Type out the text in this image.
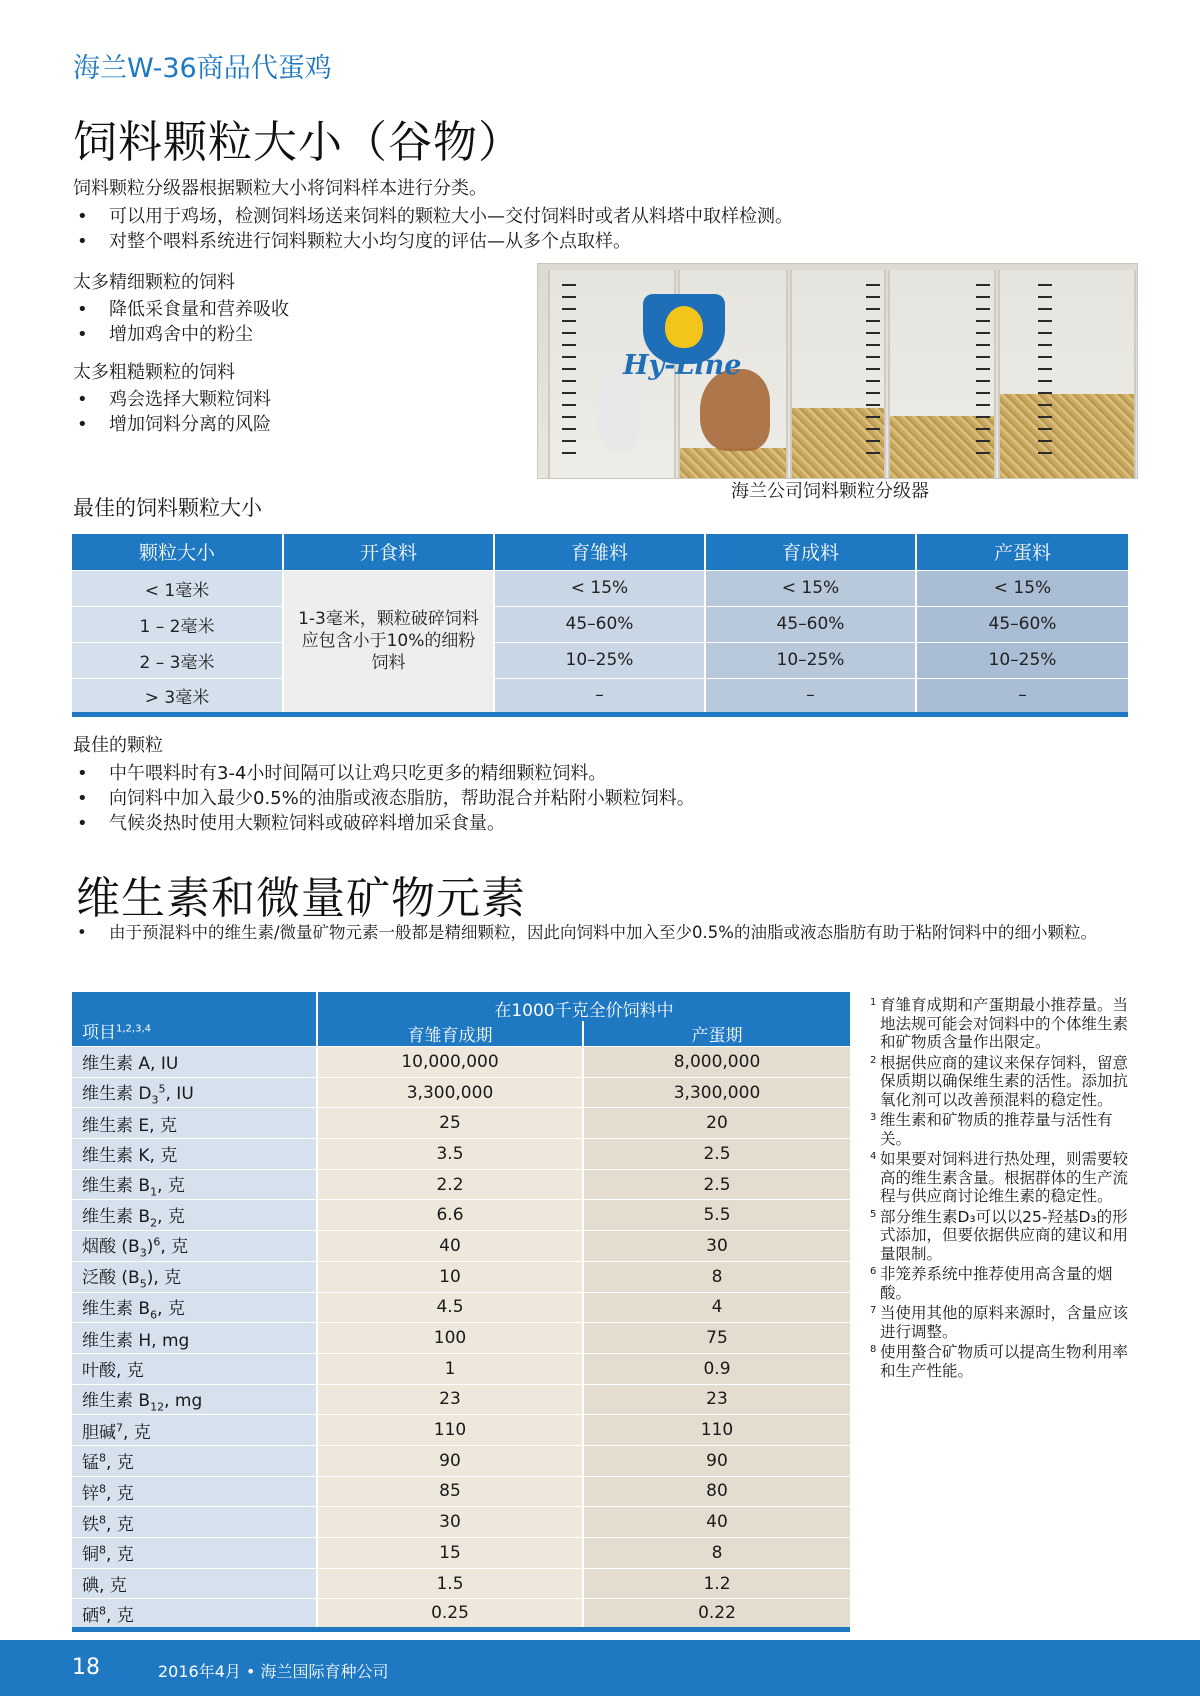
海兰W-36商品代蛋鸡
饲料颗粒大小（谷物）
饲料颗粒分级器根据颗粒大小将饲料样本进行分类。
• 可以用于鸡场，检测饲料场送来饲料的颗粒大小—交付饲料时或者从料塔中取样检测。
• 对整个喂料系统进行饲料颗粒大小均匀度的评估—从多个点取样。
太多精细颗粒的饲料
• 降低采食量和营养吸收
• 增加鸡舍中的粉尘
太多粗糙颗粒的饲料
• 鸡会选择大颗粒饲料
• 增加饲料分离的风险
Hy-Line
海兰公司饲料颗粒分级器
最佳的饲料颗粒大小
颗粒大小	开食料	育雏料	育成料	产蛋料
< 1毫米	1-3毫米，颗粒破碎饲料应包含小于10%的细粉饲料	< 15%	< 15%	< 15%
1 – 2毫米		45–60%	45–60%	45–60%
2 – 3毫米		10–25%	10–25%	10–25%
> 3毫米		–	–	–
最佳的颗粒
• 中午喂料时有3-4小时间隔可以让鸡只吃更多的精细颗粒饲料。
• 向饲料中加入最少0.5%的油脂或液态脂肪，帮助混合并粘附小颗粒饲料。
• 气候炎热时使用大颗粒饲料或破碎料增加采食量。
维生素和微量矿物元素
• 由于预混料中的维生素/微量矿物元素一般都是精细颗粒，因此向饲料中加入至少0.5%的油脂或液态脂肪有助于粘附饲料中的细小颗粒。
项目$^{1,2,3,4}$	在1000千克全价饲料中	
	育雏育成期	产蛋期
维生素 A, IU	10,000,000	8,000,000
维生素 $D_3^5$, IU	3,300,000	3,300,000
维生素 E, 克	25	20
维生素 K, 克	3.5	2.5
维生素 $B_1$, 克	2.2	2.5
维生素 $B_2$, 克	6.6	5.5
烟酸 $(B_3)^6$, 克	40	30
泛酸 $(B_5)$, 克	10	8
维生素 $B_6$, 克	4.5	4
维生素 H, mg	100	75
叶酸, 克	1	0.9
维生素 $B_{12}$, mg	23	23
胆碱$^7$, 克	110	110
锰$^8$, 克	90	90
锌$^8$, 克	85	80
铁$^8$, 克	30	40
铜$^8$, 克	15	8
碘, 克	1.5	1.2
硒$^8$, 克	0.25	0.22
1 育雏育成期和产蛋期最小推荐量。当地法规可能会对饲料中的个体维生素和矿物质含量作出限定。
2 根据供应商的建议来保存饲料，留意保质期以确保维生素的活性。添加抗氧化剂可以改善预混料的稳定性。
3 维生素和矿物质的推荐量与活性有关。
4 如果要对饲料进行热处理，则需要较高的维生素含量。根据群体的生产流程与供应商讨论维生素的稳定性。
5 部分维生素D₃可以以25-羟基D₃的形式添加，但要依据供应商的建议和用量限制。
6 非笼养系统中推荐使用高含量的烟酸。
7 当使用其他的原料来源时，含量应该进行调整。
8 使用螯合矿物质可以提高生物利用率和生产性能。
18	2016年4月 • 海兰国际育种公司
